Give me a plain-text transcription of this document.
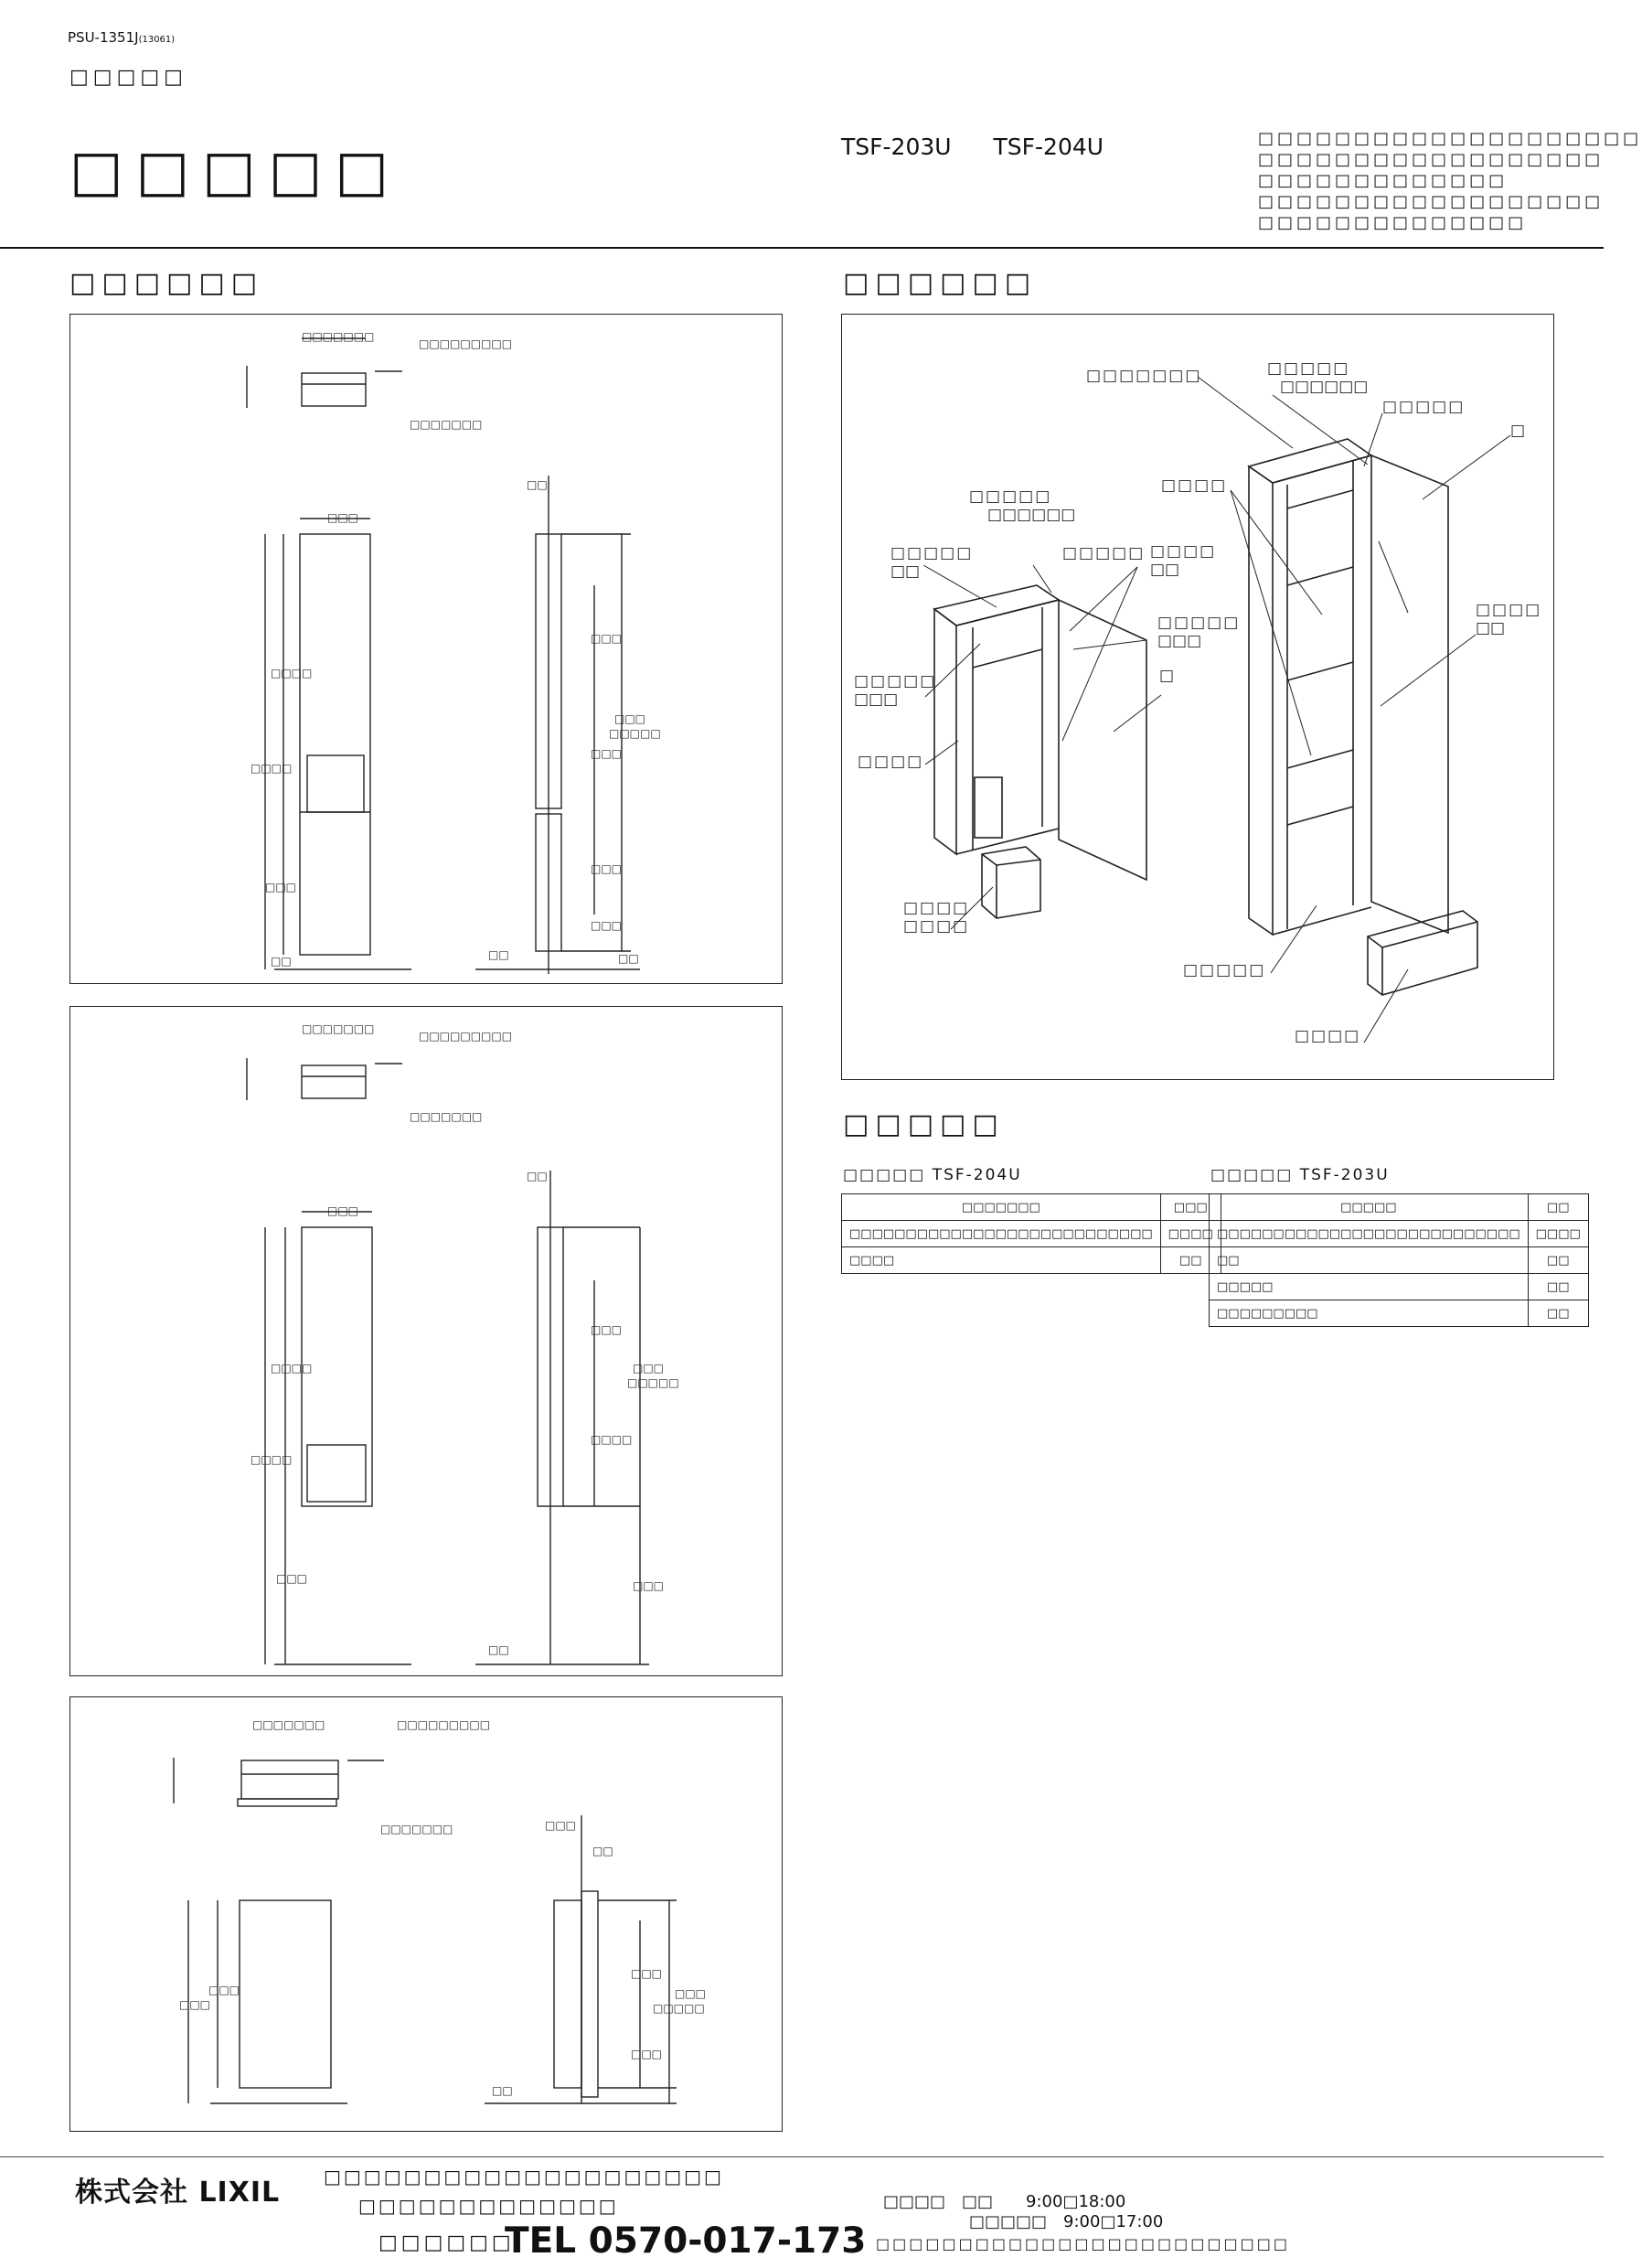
PSU-1351J(13061)
□□□□□
□□□□□	TSF-203U TSF-204U	□□□□□□□□□□□□□□□□□□□□
□□□□□□□□□□□□□□□□□□
□□□□□□□□□□□□□
□□□□□□□□□□□□□□□□□□
□□□□□□□□□□□□□□
□□□□□□	□□□□□□
□□□□□□□
□□□□□□□□□
□□□□□□□
□□□
□□□□
□□□□
□□□
□□
□□
□□□
□□□
□□□□□
□□□
□□□
□□□
□□	□□
□□□□□□□
□□□□□□□□□
□□□□□□□
□□□
□□□□
□□□□
□□□
□□
□□□
□□□
□□□□□
□□□□
□□□
□□
□□□□□□□	□□□□□□□□□
□□□□□□□
□□□
□□□
□□□
□□
□□□
□□□
□□□□□
□□□
□□
□□□□□□□	□□□□□
□□□□□□
□□□□□
□
□□□□
□□□□
□□
□□□□□
□□□□
□□□□□
□□□□□□
□□□□□
□□
□□□□□ □□□□
□□
□□□□□
□□□
□
□□□□□
□□□
□□□□
□□□□
□□□□
□□□□□
□□□□□ TSF-204U
□□□□□□□	□□□
□□□□□□□□□□□□□□□□□□□□□□□□□□□	□□□□
□□□□	□□
□□□□□ TSF-203U
□□□□□	□□
□□□□□□□□□□□□□□□□□□□□□□□□□□□	□□□□
□□	□□
□□□□□	□□
□□□□□□□□□	□□
株式会社 LIXIL □□□□□□□□□□□□□□□□□□□□
□□□□□□□□□□□□□	□□□□　□□　　9:00□18:00
□□□□□　9:00□17:00
□□□□□□
TEL 0570-017-173 □□□□□□□□□□□□□□□□□□□□□□□□□
